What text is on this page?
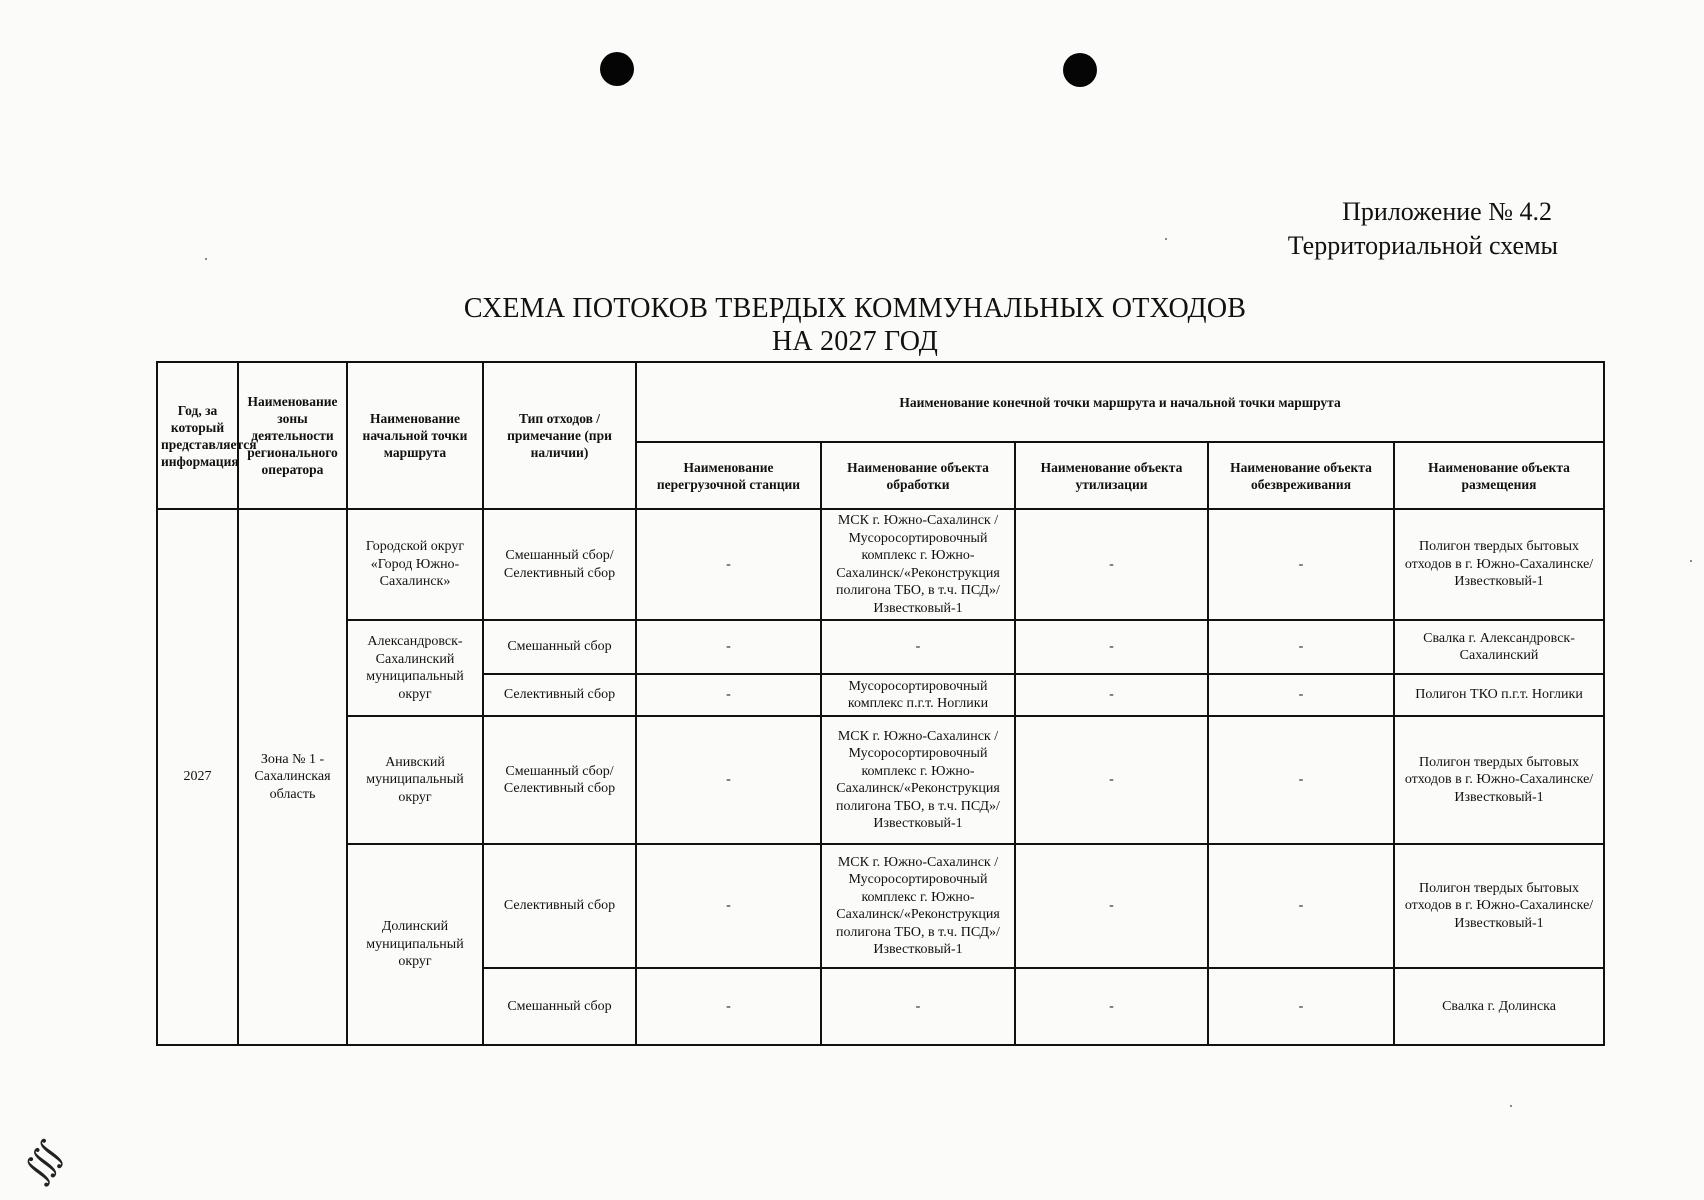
Приложение № 4.2
Территориальной схемы
СХЕМА ПОТОКОВ ТВЕРДЫХ КОММУНАЛЬНЫХ ОТХОДОВ
НА 2027 ГОД
Год, за который представляется информация	Наименование зоны деятельности регионального оператора	Наименование начальной точки маршрута	Тип отходов / примечание (при наличии)	Наименование конечной точки маршрута и начальной точки маршрута				
				Наименование перегрузочной станции	Наименование объекта обработки	Наименование объекта утилизации	Наименование объекта обезвреживания	Наименование объекта размещения
2027	Зона № 1 - Сахалинская область	Городской округ «Город Южно-Сахалинск»	Смешанный сбор/ Селективный сбор	-	МСК г. Южно-Сахалинск / Мусоросортировочный комплекс г. Южно-Сахалинск/«Реконструкция полигона ТБО, в т.ч. ПСД»/Известковый-1	-	-	Полигон твердых бытовых отходов в г. Южно-Сахалинске/Известковый-1
		Александровск-Сахалинский муниципальный округ	Смешанный сбор	-	-	-	-	Свалка г. Александровск-Сахалинский
			Селективный сбор	-	Мусоросортировочный комплекс п.г.т. Ноглики	-	-	Полигон ТКО п.г.т. Ноглики
		Анивский муниципальный округ	Смешанный сбор/ Селективный сбор	-	МСК г. Южно-Сахалинск / Мусоросортировочный комплекс г. Южно-Сахалинск/«Реконструкция полигона ТБО, в т.ч. ПСД»/Известковый-1	-	-	Полигон твердых бытовых отходов в г. Южно-Сахалинске/Известковый-1
		Долинский муниципальный округ	Селективный сбор	-	МСК г. Южно-Сахалинск / Мусоросортировочный комплекс г. Южно-Сахалинск/«Реконструкция полигона ТБО, в т.ч. ПСД»/Известковый-1	-	-	Полигон твердых бытовых отходов в г. Южно-Сахалинске/Известковый-1
			Смешанный сбор	-	-	-	-	Свалка г. Долинска
∭
